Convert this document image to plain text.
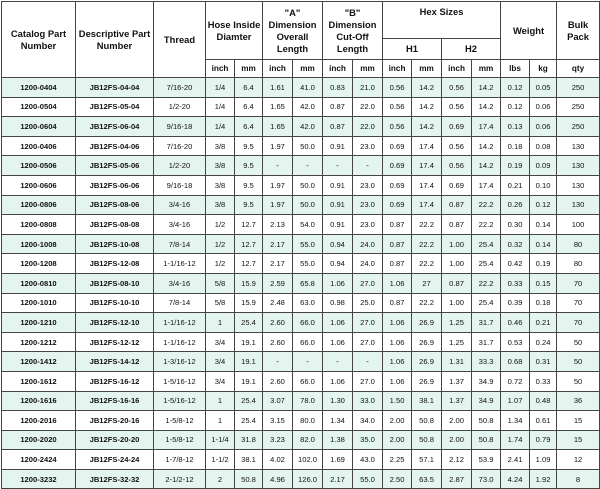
Catalog Part Number	Descriptive Part Number	Thread	Hose Inside Diamter	"A" Dimension Overall Length	"B" Dimension Cut-Off Length	
Hex Sizes
H1	H2
	Weight	Bulk Pack
inch	mm	inch	mm	inch	mm	inch	mm	inch	mm	lbs	kg	qty
1200-0404	JB12FS-04-04	7/16-20	1/4	6.4	1.61	41.0	0.83	21.0	0.56	14.2	0.56	14.2	0.12	0.05	250
1200-0504	JB12FS-05-04	1/2-20	1/4	6.4	1.65	42.0	0.87	22.0	0.56	14.2	0.56	14.2	0.12	0.06	250
1200-0604	JB12FS-06-04	9/16-18	1/4	6.4	1.65	42.0	0.87	22.0	0.56	14.2	0.69	17.4	0.13	0.06	250
1200-0406	JB12FS-04-06	7/16-20	3/8	9.5	1.97	50.0	0.91	23.0	0.69	17.4	0.56	14.2	0.18	0.08	130
1200-0506	JB12FS-05-06	1/2-20	3/8	9.5	-	-	-	-	0.69	17.4	0.56	14.2	0.19	0.09	130
1200-0606	JB12FS-06-06	9/16-18	3/8	9.5	1.97	50.0	0.91	23.0	0.69	17.4	0.69	17.4	0.21	0.10	130
1200-0806	JB12FS-08-06	3/4-16	3/8	9.5	1.97	50.0	0.91	23.0	0.69	17.4	0.87	22.2	0.26	0.12	130
1200-0808	JB12FS-08-08	3/4-16	1/2	12.7	2.13	54.0	0.91	23.0	0.87	22.2	0.87	22.2	0.30	0.14	100
1200-1008	JB12FS-10-08	7/8-14	1/2	12.7	2.17	55.0	0.94	24.0	0.87	22.2	1.00	25.4	0.32	0.14	80
1200-1208	JB12FS-12-08	1-1/16-12	1/2	12.7	2.17	55.0	0.94	24.0	0.87	22.2	1.00	25.4	0.42	0.19	80
1200-0810	JB12FS-08-10	3/4-16	5/8	15.9	2.59	65.8	1.06	27.0	1.06	27	0.87	22.2	0.33	0.15	70
1200-1010	JB12FS-10-10	7/8-14	5/8	15.9	2.48	63.0	0.98	25.0	0.87	22.2	1.00	25.4	0.39	0.18	70
1200-1210	JB12FS-12-10	1-1/16-12	1	25.4	2.60	66.0	1.06	27.0	1.06	26.9	1.25	31.7	0.46	0.21	70
1200-1212	JB12FS-12-12	1-1/16-12	3/4	19.1	2.60	66.0	1.06	27.0	1.06	26.9	1.25	31.7	0.53	0.24	50
1200-1412	JB12FS-14-12	1-3/16-12	3/4	19.1	-	-	-	-	1.06	26.9	1.31	33.3	0.68	0.31	50
1200-1612	JB12FS-16-12	1-5/16-12	3/4	19.1	2.60	66.0	1.06	27.0	1.06	26.9	1.37	34.9	0.72	0.33	50
1200-1616	JB12FS-16-16	1-5/16-12	1	25.4	3.07	78.0	1.30	33.0	1.50	38.1	1.37	34.9	1.07	0.48	36
1200-2016	JB12FS-20-16	1-5/8-12	1	25.4	3.15	80.0	1.34	34.0	2.00	50.8	2.00	50.8	1.34	0.61	15
1200-2020	JB12FS-20-20	1-5/8-12	1-1/4	31.8	3.23	82.0	1.38	35.0	2.00	50.8	2.00	50.8	1.74	0.79	15
1200-2424	JB12FS-24-24	1-7/8-12	1-1/2	38.1	4.02	102.0	1.69	43.0	2.25	57.1	2.12	53.9	2.41	1.09	12
1200-3232	JB12FS-32-32	2-1/2-12	2	50.8	4.96	126.0	2.17	55.0	2.50	63.5	2.87	73.0	4.24	1.92	8
